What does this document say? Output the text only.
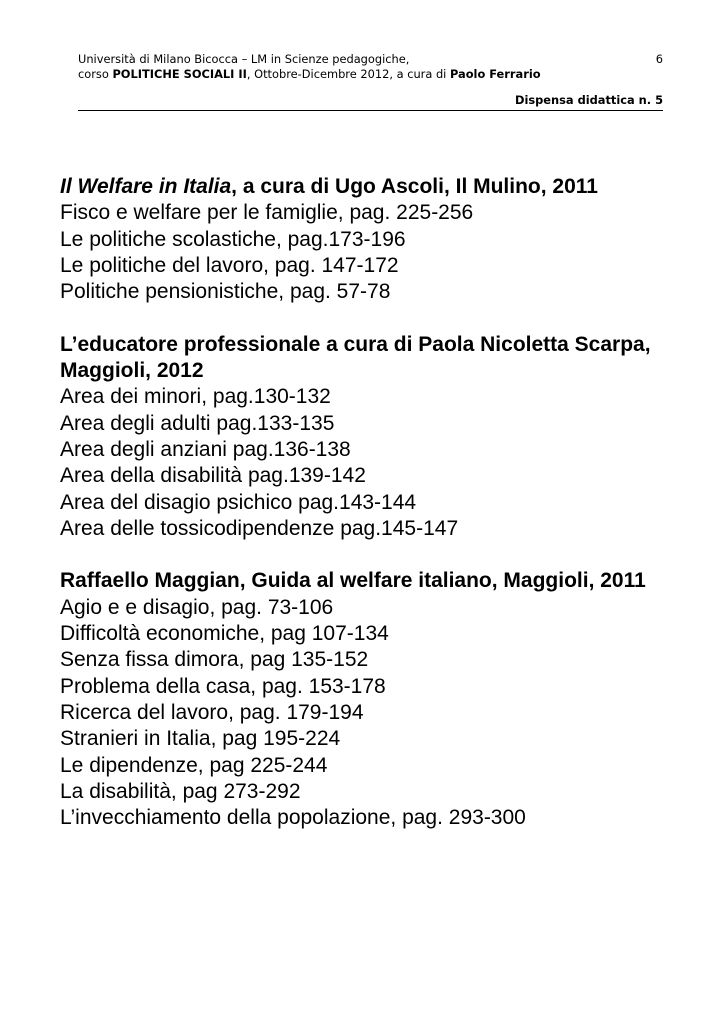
Università di Milano Bicocca – LM in Scienze pedagogiche,	6
corso POLITICHE SOCIALI II, Ottobre-Dicembre 2012, a cura di Paolo Ferrario
Dispensa didattica n. 5
Il Welfare in Italia, a cura di Ugo Ascoli, Il Mulino, 2011
Fisco e welfare per le famiglie, pag. 225-256
Le politiche scolastiche, pag.173-196
Le politiche del lavoro, pag. 147-172
Politiche pensionistiche, pag. 57-78
L’educatore professionale a cura di Paola Nicoletta Scarpa,
Maggioli, 2012
Area dei minori, pag.130-132
Area degli adulti pag.133-135
Area degli anziani pag.136-138
Area della disabilità pag.139-142
Area del disagio psichico pag.143-144
Area delle tossicodipendenze pag.145-147
Raffaello Maggian, Guida al welfare italiano, Maggioli, 2011
Agio e e disagio, pag. 73-106
Difficoltà economiche, pag 107-134
Senza fissa dimora, pag 135-152
Problema della casa, pag. 153-178
Ricerca del lavoro, pag. 179-194
Stranieri in Italia, pag 195-224
Le dipendenze, pag 225-244
La disabilità, pag 273-292
L’invecchiamento della popolazione, pag. 293-300
